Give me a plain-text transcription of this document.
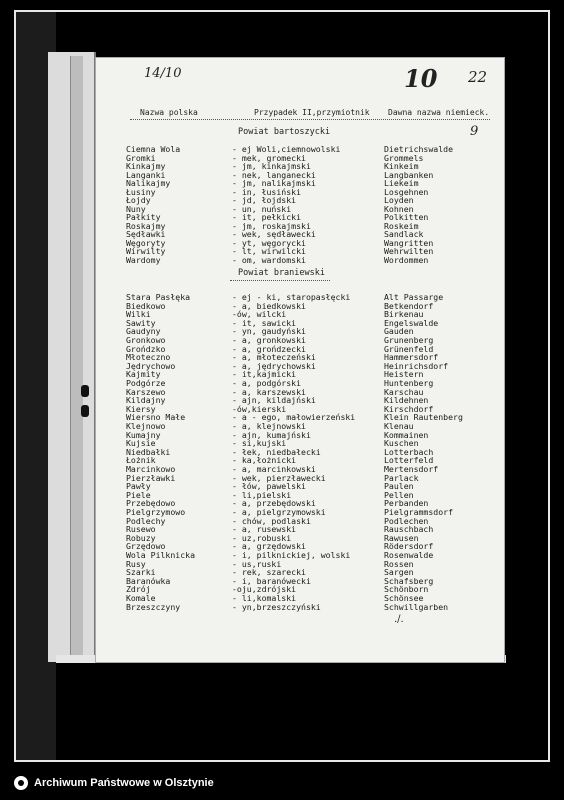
14/10	10 22
9
Nazwa polska	Przypadek II,przymiotnik Dawna nazwa niemieck.
Powiat bartoszycki
Ciemna Wola	- ej Woli,ciemnowolski	Dietrichswalde
Gromki	- mek, gromecki	Grommels
Kinkajmy	- jm, kinkajmski	Kinkeim
Langanki	- nek, langanecki	Langbanken
Nalikajmy	- jm, nalikajmski	Liekeim
Łusiny	- in, łusiński	Losgehnen
Łojdy	- jd, łojdski	Loyden
Nuny	- un, nuński	Kohnen
Pałkity	- it, pełkicki	Polkitten
Roskajmy	- jm, roskajmski	Roskeim
Sędławki	- wek, sędławecki	Sandlack
Węgoryty	- yt, węgorycki	Wangritten
Wirwilty	- lt, wirwilcki	Wehrwilten
Wardomy	- om, wardomski	Wordommen
Powiat braniewski
Stara Pasłęka	- ej - ki, staropasłęcki	Alt Passarge
Biedkowo	- a, biedkowski	Betkendorf
Wilki	-ów, wilcki	Birkenau
Sawity	- it, sawicki	Engelswalde
Gaudyny	- yn, gaudyński	Gauden
Gronkowo	- a, gronkowski	Grunenberg
Grońdzko	- a, grońdzecki	Grünenfeld
Młoteczno	- a, młoteczeński	Hammersdorf
Jędrychowo	- a, jędrychowski	Heinrichsdorf
Kajmity	- it,kajmicki	Heistern
Podgórze	- a, podgórski	Huntenberg
Karszewo	- a, karszewski	Karschau
Kildajny	- ajn, kildajński	Kildehnen
Kiersy	-ów,kierski	Kirschdorf
Wiersno Małe	- a - ego, małowierzeński	Klein Rautenberg
Klejnowo	- a, klejnowski	Klenau
Kumajny	- ajn, kumajński	Kommainen
Kujsie	- si,kujski	Kuschen
Niedbałki	- łek, niedbałecki	Lotterbach
Łożnik	- ka,łożnicki	Lotterfeld
Marcinkowo	- a, marcinkowski	Mertensdorf
Pierzławki	- wek, pierzławecki	Parlack
Pawły	- łów, pawelski	Paulen
Piele	- li,pielski	Pellen
Przebędowo	- a, przebędowski	Perbanden
Pielgrzymowo	- a, pielgrzymowski	Pielgrammsdorf
Podlechy	- chów, podlaski	Podlechen
Rusewo	- a, rusewski	Rauschbach
Robuzy	- uz,robuski	Rawusen
Grzędowo	- a, grzędowski	Rödersdorf
Wola Pilknicka	- i, pilknickiej, wolski	Rosenwalde
Rusy	- us,ruski	Rossen
Szarki	- rek, szarecki	Sargen
Baranówka	- i, baranówecki	Schafsberg
Zdrój	-oju,zdrójski	Schönborn
Komale	- li,komalski	Schönsee
Brzeszczyny	- yn,brzeszczyński	Schwillgarben
./.
Archiwum Państwowe w Olsztynie
